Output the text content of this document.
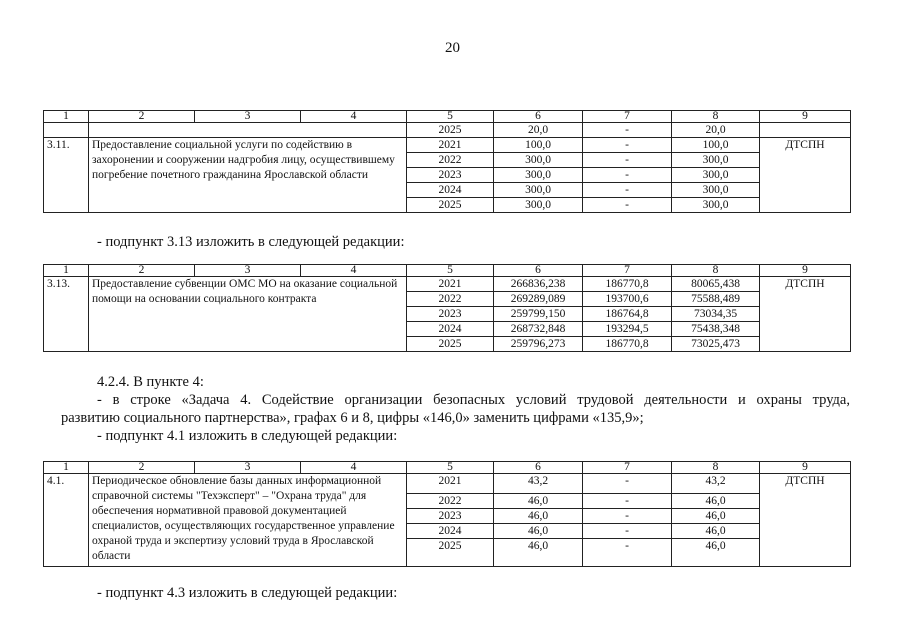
20
1	2	3	4	5	6	7	8	9
				2025	20,0	-	20,0	
3.11.	Предоставление социальной услуги по содействию в захоронении и сооружении надгробия лицу, осуществившему погребение почетного гражданина Ярославской области			2021	100,0	-	100,0	ДТСПН
				2022	300,0	-	300,0	
				2023	300,0	-	300,0	
				2024	300,0	-	300,0	
				2025	300,0	-	300,0	
- подпункт 3.13 изложить в следующей редакции:
1	2	3	4	5	6	7	8	9
3.13.	Предоставление субвенции ОМС МО на оказание социальной помощи на основании социального контракта			2021	266836,238	186770,8	80065,438	ДТСПН
				2022	269289,089	193700,6	75588,489	
				2023	259799,150	186764,8	73034,35	
				2024	268732,848	193294,5	75438,348	
				2025	259796,273	186770,8	73025,473	
4.2.4. В пункте 4:
- в строке «Задача 4. Содействие организации безопасных условий трудовой деятельности и охраны труда,
развитию социального партнерства», графах 6 и 8, цифры «146,0» заменить цифрами «135,9»;
- подпункт 4.1 изложить в следующей редакции:
1	2	3	4	5	6	7	8	9
4.1.	Периодическое обновление базы данных информационной справочной системы "Техэксперт" – "Охрана труда" для обеспечения нормативной правовой документацией специалистов, осуществляющих государственное управление охраной труда и экспертизу условий труда в Ярославской области			2021	43,2	-	43,2	ДТСПН
				2022	46,0	-	46,0	
				2023	46,0	-	46,0	
				2024	46,0	-	46,0	
				2025	46,0	-	46,0	
- подпункт 4.3 изложить в следующей редакции:
